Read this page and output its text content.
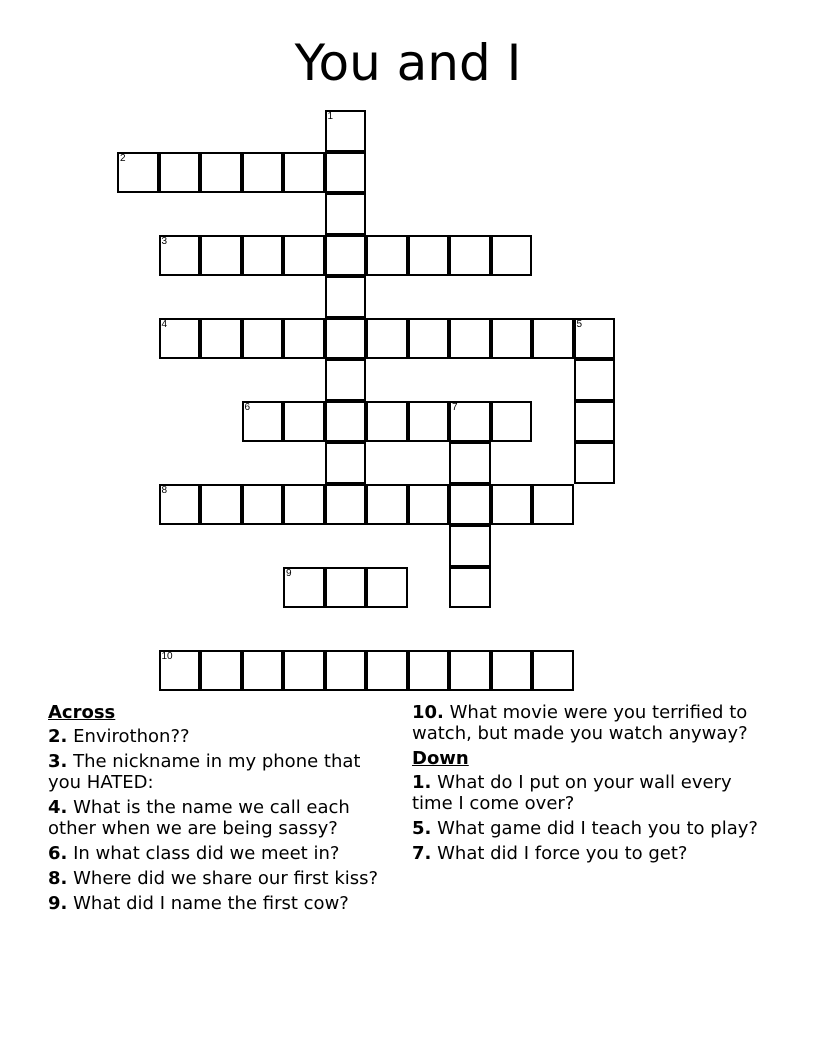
You and I
1
2
3
4	5
6	7
8
9
10
Across
2. Envirothon??
3. The nickname in my phone that you HATED:
4. What is the name we call each other when we are being sassy?
6. In what class did we meet in?
8. Where did we share our first kiss?
9. What did I name the first cow?
10. What movie were you terrified to watch, but made you watch anyway?
Down
1. What do I put on your wall every time I come over?
5. What game did I teach you to play?
7. What did I force you to get?
